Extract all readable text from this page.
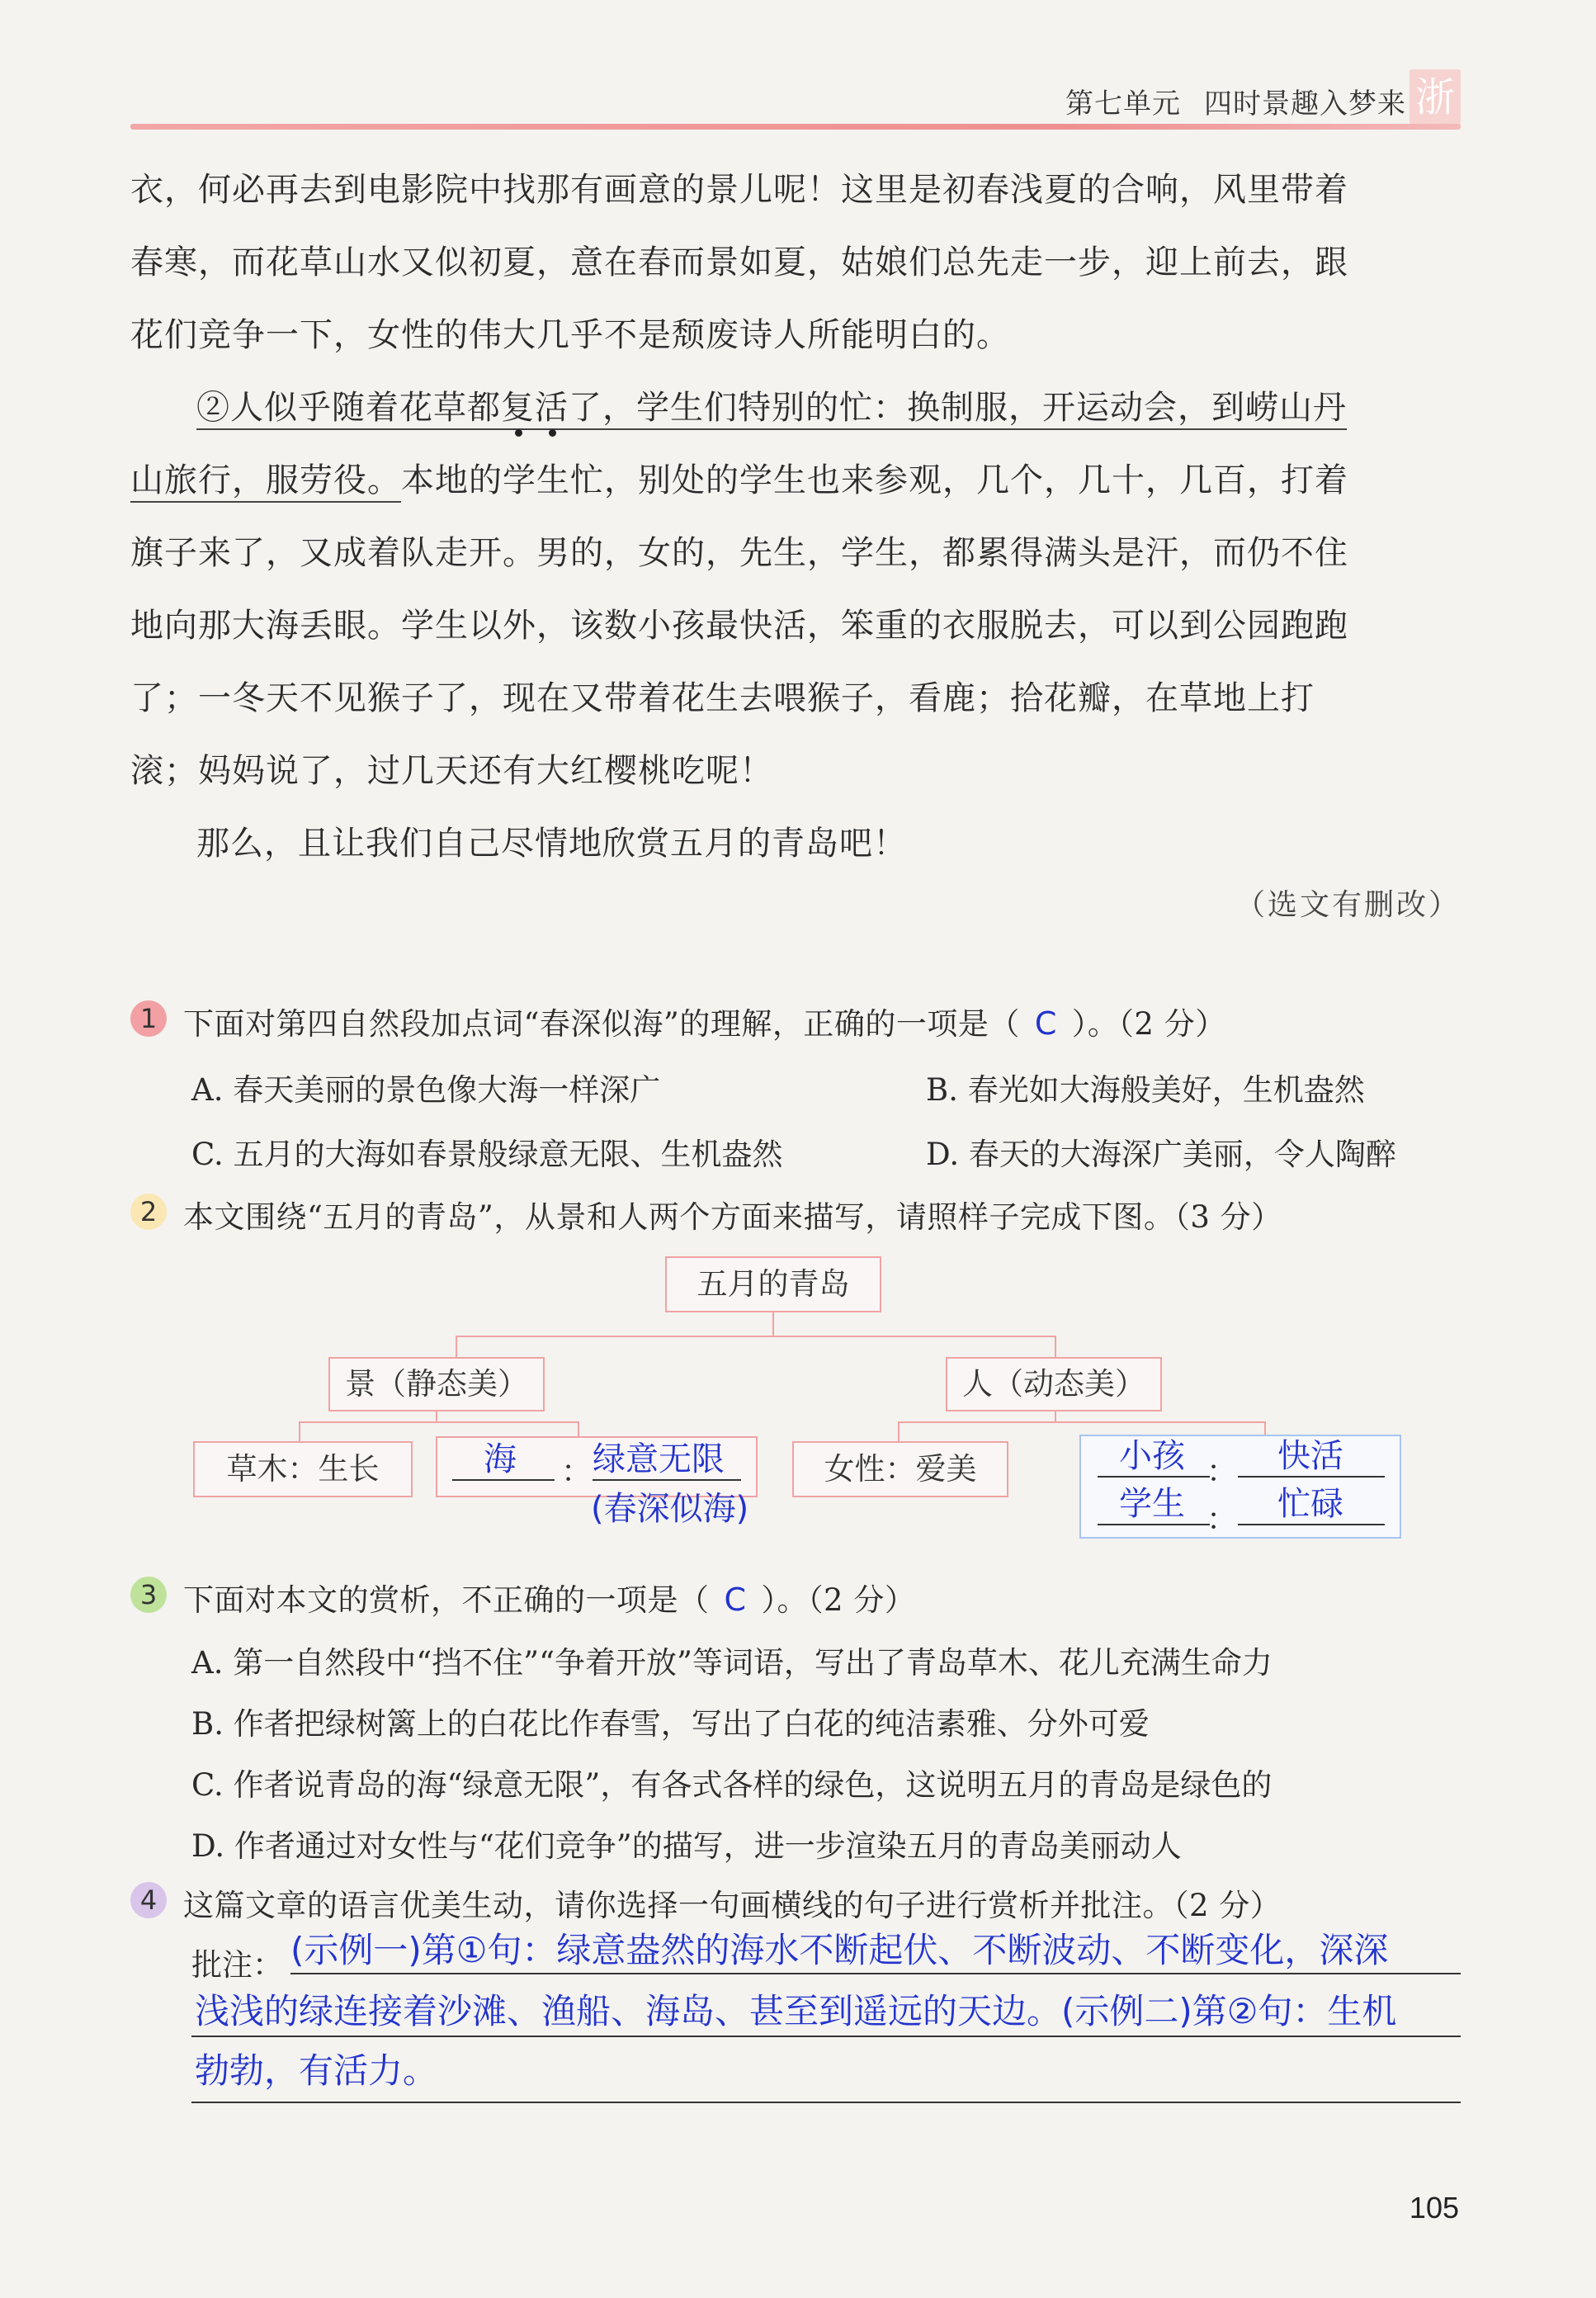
第七单元 四时景趣入梦来 浙
衣，何必再去到电影院中找那有画意的景儿呢！这里是初春浅夏的合响，风里带着
春寒，而花草山水又似初夏，意在春而景如夏，姑娘们总先走一步，迎上前去，跟
花们竞争一下，女性的伟大几乎不是颓废诗人所能明白的。
②人似乎随着花草都复活了，学生们特别的忙：换制服，开运动会，到崂山丹
山旅行，服劳役。本地的学生忙，别处的学生也来参观，几个，几十，几百，打着
旗子来了，又成着队走开。男的，女的，先生，学生，都累得满头是汗，而仍不住
地向那大海丢眼。学生以外，该数小孩最快活，笨重的衣服脱去，可以到公园跑跑
了；一冬天不见猴子了，现在又带着花生去喂猴子，看鹿；拾花瓣，在草地上打
滚；妈妈说了，过几天还有大红樱桃吃呢！
那么，且让我们自己尽情地欣赏五月的青岛吧！
（选文有删改）
1 下面对第四自然段加点词“春深似海”的理解，正确的一项是（ C ）。（2 分）
A. 春天美丽的景色像大海一样深广	B. 春光如大海般美好，生机盎然
C. 五月的大海如春景般绿意无限、生机盎然	D. 春天的大海深广美丽，令人陶醉
2 本文围绕“五月的青岛”，从景和人两个方面来描写，请照样子完成下图。（3 分）
五月的青岛
景（静态美）	人（动态美）
草木：生长	海 ： 绿意无限
(春深似海)
女性：爱美	小孩 ： 快活
学生 ： 忙碌
3 下面对本文的赏析，不正确的一项是（ C ）。（2 分）
A. 第一自然段中“挡不住”“争着开放”等词语，写出了青岛草木、花儿充满生命力
B. 作者把绿树篱上的白花比作春雪，写出了白花的纯洁素雅、分外可爱
C. 作者说青岛的海“绿意无限”，有各式各样的绿色，这说明五月的青岛是绿色的
D. 作者通过对女性与“花们竞争”的描写，进一步渲染五月的青岛美丽动人
4 这篇文章的语言优美生动，请你选择一句画横线的句子进行赏析并批注。（2 分）
批注： (示例一)第①句：绿意盎然的海水不断起伏、不断波动、不断变化，深深
浅浅的绿连接着沙滩、渔船、海岛、甚至到遥远的天边。(示例二)第②句：生机
勃勃，有活力。
105
